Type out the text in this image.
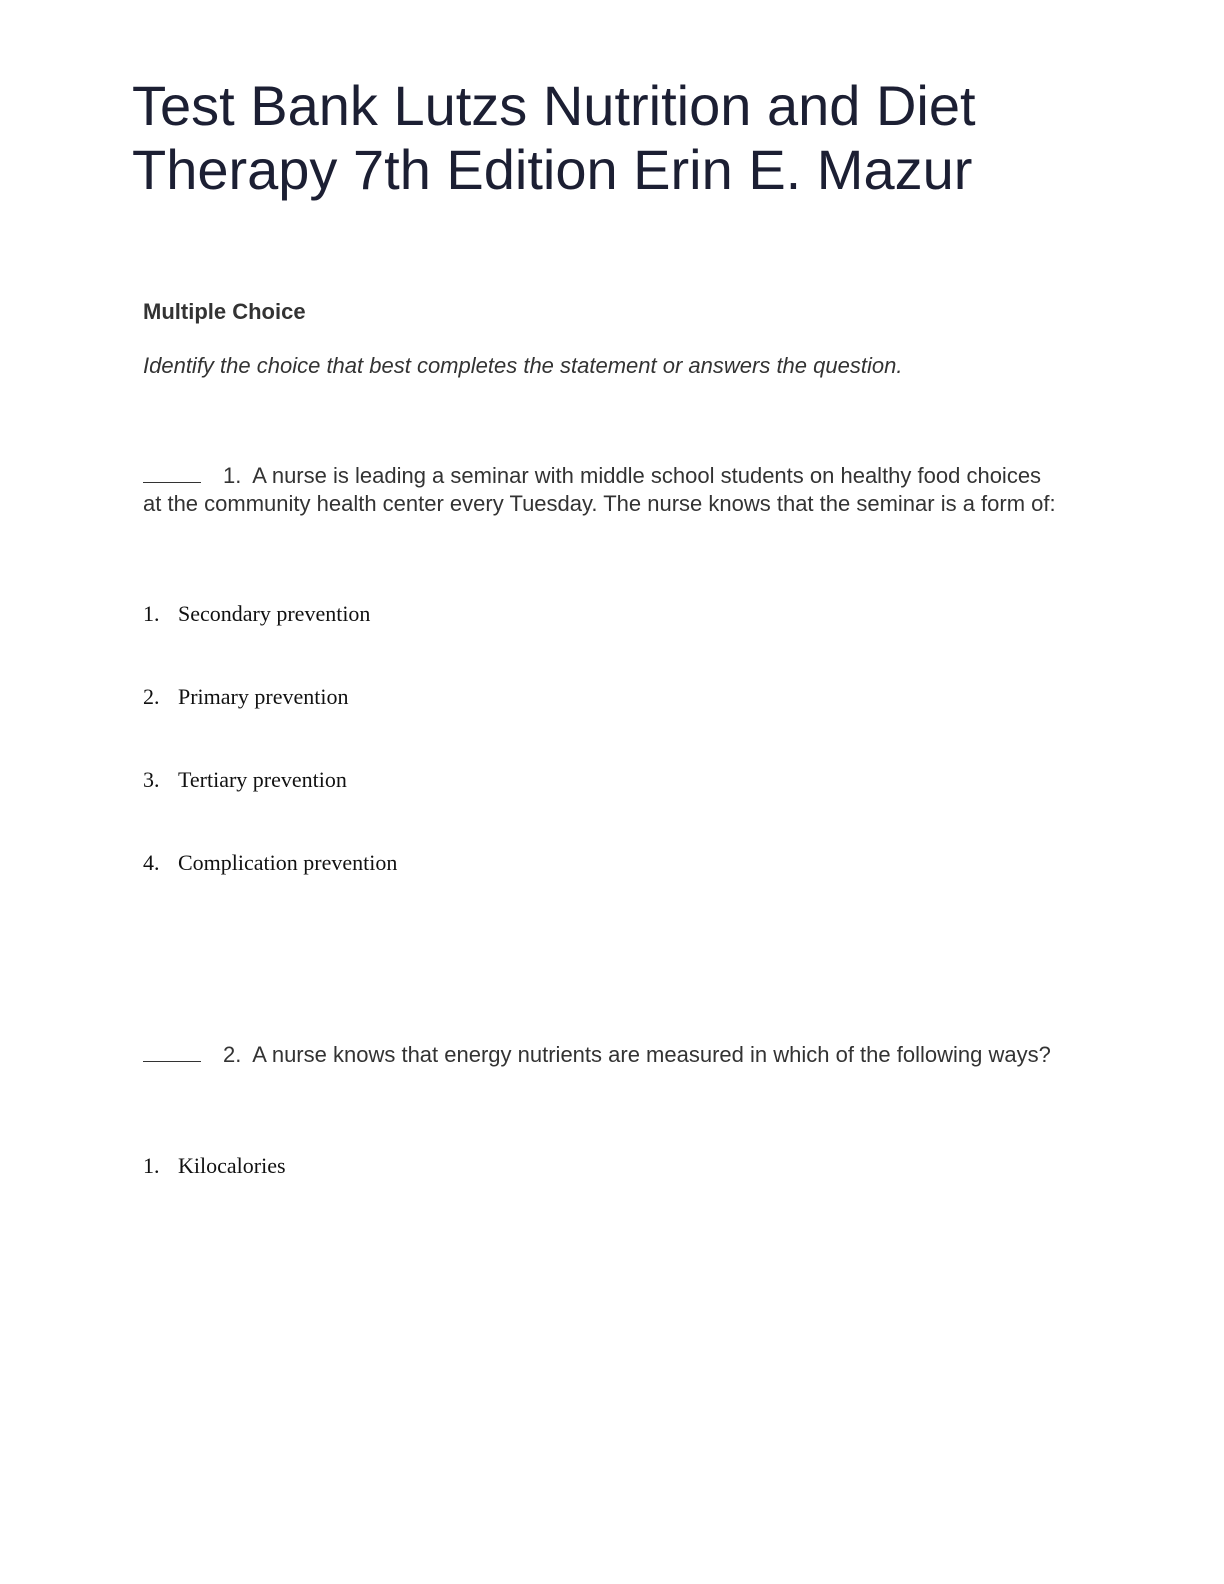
Test Bank Lutzs Nutrition and Diet Therapy 7th Edition Erin E. Mazur

Multiple Choice

Identify the choice that best completes the statement or answers the question.

1. A nurse is leading a seminar with middle school students on healthy food choices at the community health center every Tuesday. The nurse knows that the seminar is a form of:

1. Secondary prevention

2. Primary prevention

3. Tertiary prevention

4. Complication prevention

2. A nurse knows that energy nutrients are measured in which of the following ways?

1. Kilocalories
